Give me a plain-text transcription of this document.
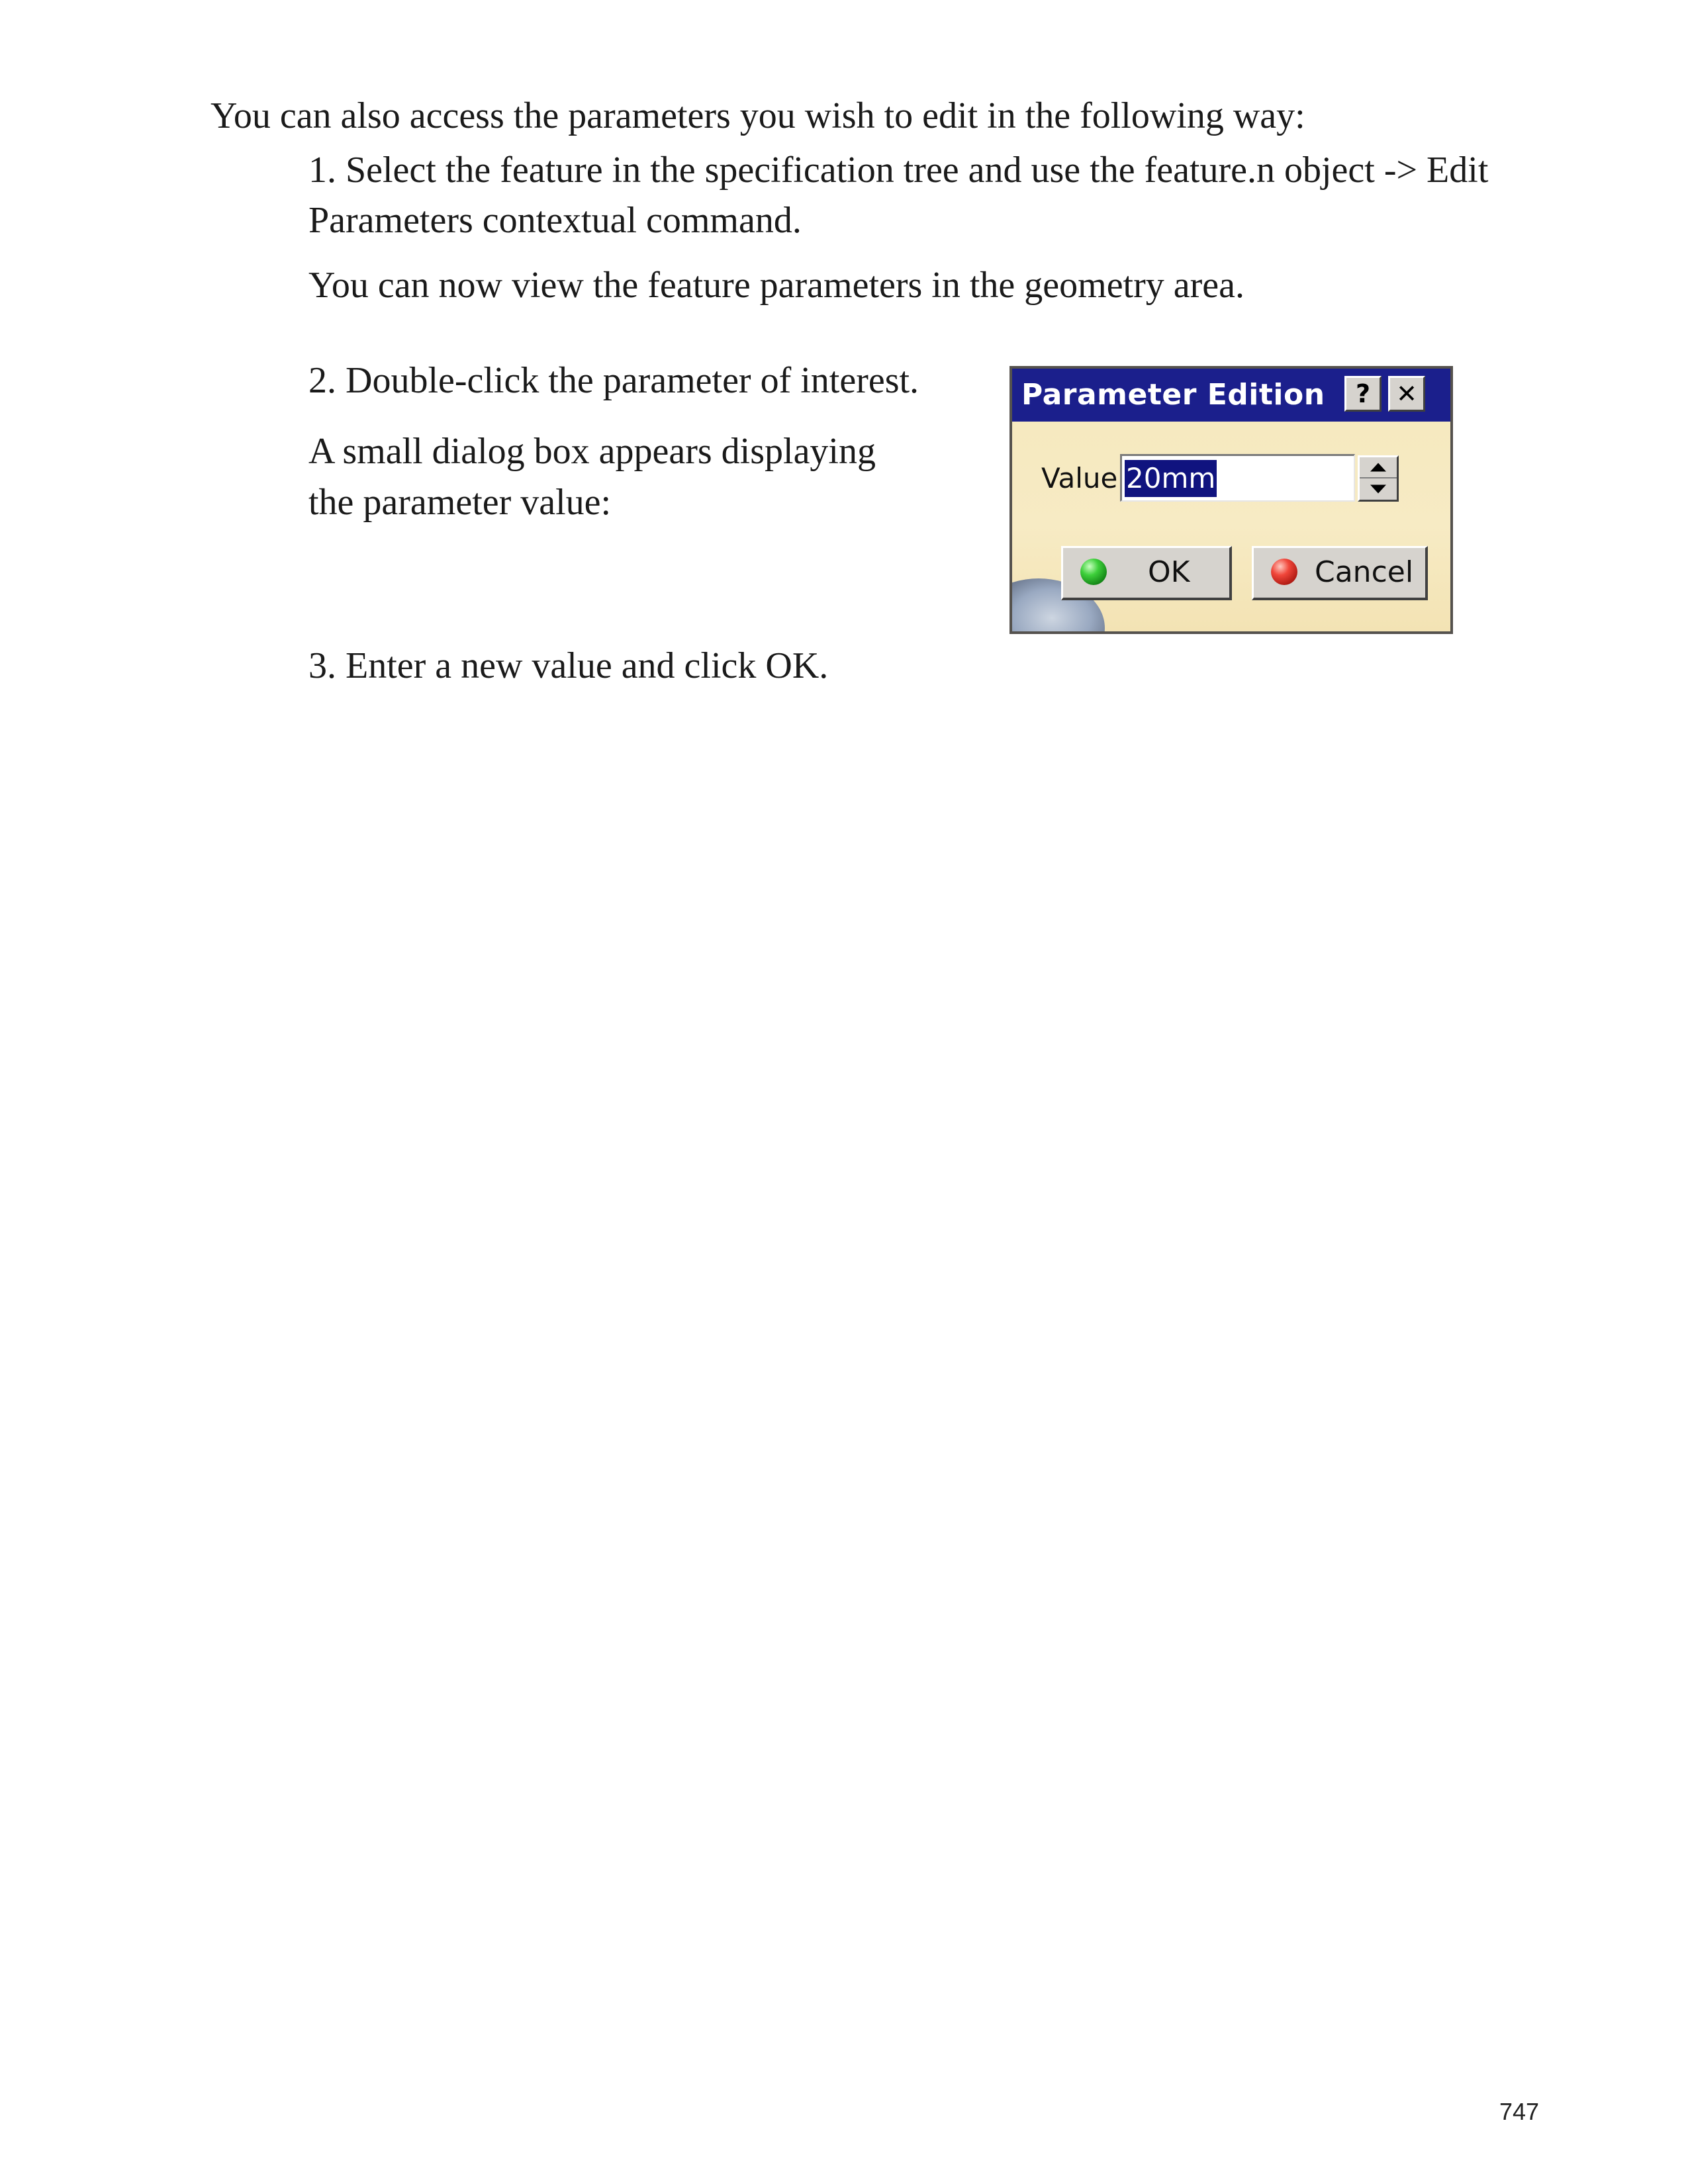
You can also access the parameters you wish to edit in the following way:
1. Select the feature in the specification tree and use the feature.n object -> Edit
Parameters contextual command.
You can now view the feature parameters in the geometry area.
2. Double-click the parameter of interest.
A small dialog box appears displaying
the parameter value:
3. Enter a new value and click OK.
Parameter Edition	?	✕
Value 20mm
OK	Cancel
747
